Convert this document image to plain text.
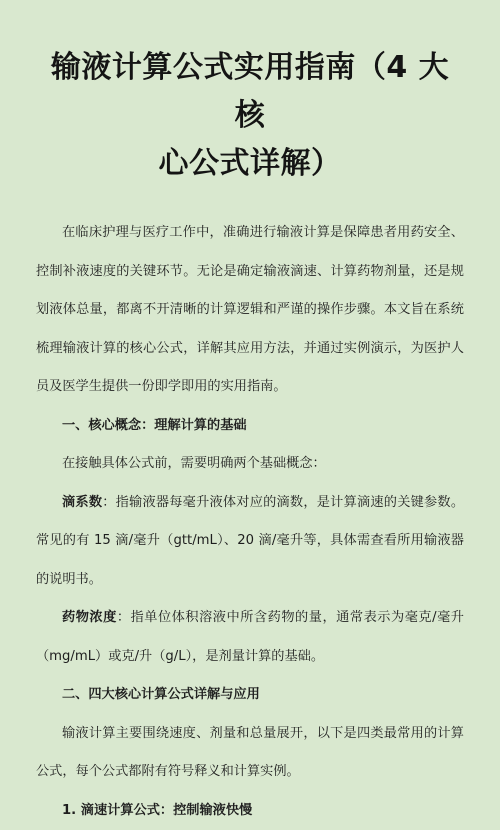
输液计算公式实用指南（4 大核
心公式详解）

在临床护理与医疗工作中，准确进行输液计算是保障患者用药安全、控制补液速度的关键环节。无论是确定输液滴速、计算药物剂量，还是规划液体总量，都离不开清晰的计算逻辑和严谨的操作步骤。本文旨在系统梳理输液计算的核心公式，详解其应用方法，并通过实例演示，为医护人员及医学生提供一份即学即用的实用指南。

一、核心概念：理解计算的基础

在接触具体公式前，需要明确两个基础概念：

滴系数：指输液器每毫升液体对应的滴数，是计算滴速的关键参数。常见的有 15 滴/毫升（gtt/mL）、20 滴/毫升等，具体需查看所用输液器的说明书。

药物浓度：指单位体积溶液中所含药物的量，通常表示为毫克/毫升（mg/mL）或克/升（g/L），是剂量计算的基础。

二、四大核心计算公式详解与应用

输液计算主要围绕速度、剂量和总量展开，以下是四类最常用的计算公式，每个公式都附有符号释义和计算实例。

1. 滴速计算公式：控制输液快慢
